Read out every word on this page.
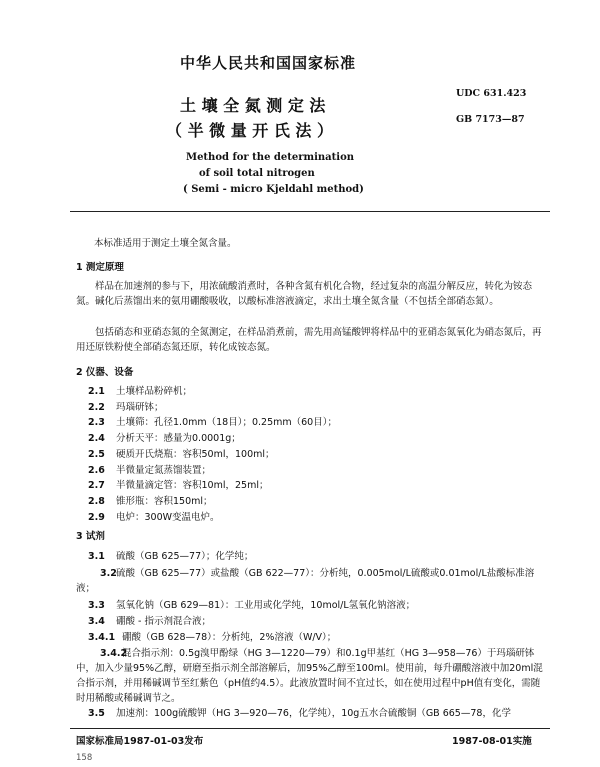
中华人民共和国国家标准
土 壤 全 氮 测 定 法
（ 半 微 量 开 氏 法 ）
UDC 631.423
GB 7173—87
Method for the determination
of soil total nitrogen
( Semi - micro Kjeldahl method)
本标准适用于测定土壤全氮含量。
1 测定原理
样品在加速剂的参与下，用浓硫酸消煮时，各种含氮有机化合物，经过复杂的高温分解反应，转化为铵态氮。碱化后蒸馏出来的氨用硼酸吸收，以酸标准溶液滴定，求出土壤全氮含量（不包括全部硝态氮）。
包括硝态和亚硝态氮的全氮测定，在样品消煮前，需先用高锰酸钾将样品中的亚硝态氮氧化为硝态氮后，再用还原铁粉使全部硝态氮还原，转化成铵态氮。
2 仪器、设备
2.1 土壤样品粉碎机；
2.2 玛瑙研钵；
2.3 土壤筛：孔径1.0mm（18目）；0.25mm（60目）；
2.4 分析天平：感量为0.0001g；
2.5 硬质开氏烧瓶：容积50ml，100ml；
2.6 半微量定氮蒸馏装置；
2.7 半微量滴定管：容积10ml，25ml；
2.8 锥形瓶：容积150ml；
2.9 电炉：300W变温电炉。
3 试剂
3.1 硫酸（GB 625—77）；化学纯；
3.2硫酸（GB 625—77）或盐酸（GB 622—77）：分析纯，0.005mol/L硫酸或0.01mol/L盐酸标准溶液；
3.3 氢氧化钠（GB 629—81）：工业用或化学纯，10mol/L氢氧化钠溶液；
3.4 硼酸 - 指示剂混合液；
3.4.1 硼酸（GB 628—78）：分析纯，2%溶液（W/V）；
3.4.2混合指示剂：0.5g溴甲酚绿（HG 3—1220—79）和0.1g甲基红（HG 3—958—76）于玛瑙研钵中，加入少量95%乙醇，研磨至指示剂全部溶解后，加95%乙醇至100ml。使用前，每升硼酸溶液中加20ml混合指示剂，并用稀碱调节至红紫色（pH值约4.5）。此液放置时间不宜过长，如在使用过程中pH值有变化，需随时用稀酸或稀碱调节之。
3.5 加速剂：100g硫酸钾（HG 3—920—76，化学纯），10g五水合硫酸铜（GB 665—78，化学
国家标准局1987-01-03发布	1987-08-01实施
158
